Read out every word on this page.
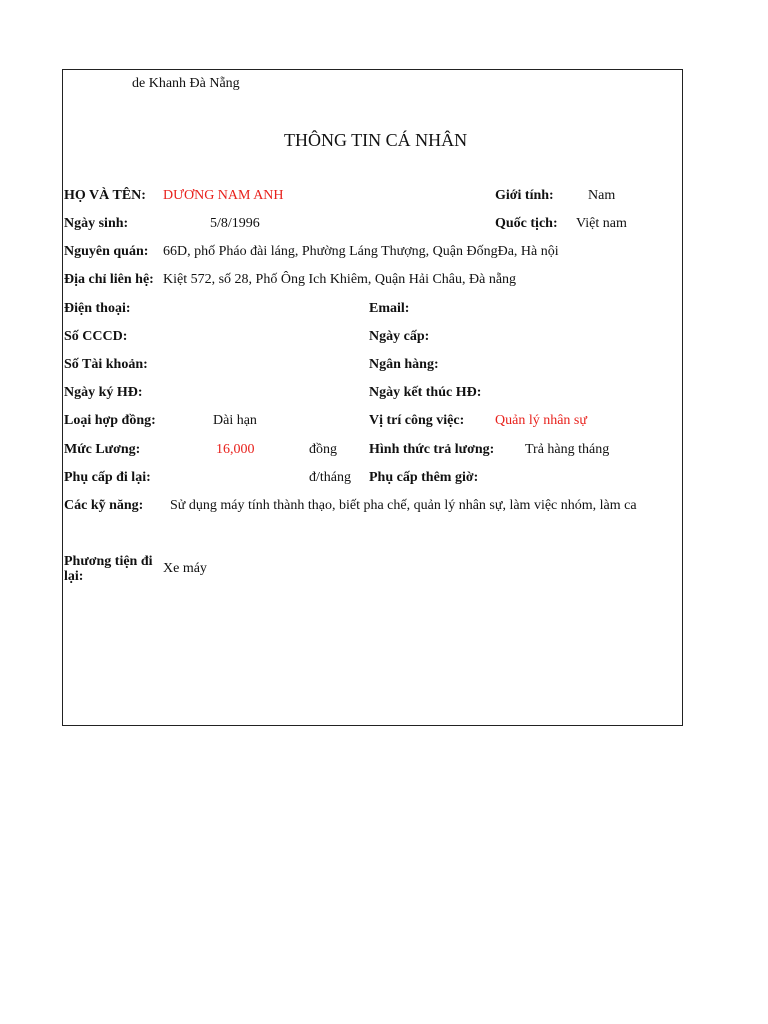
de Khanh Đà Nẵng
THÔNG TIN CÁ NHÂN
HỌ VÀ TÊN: DƯƠNG NAM ANH	Giới tính: Nam
Ngày sinh:	5/8/1996	Quốc tịch: Việt nam
Nguyên quán: 66D, phố Pháo đài láng, Phường Láng Thượng, Quận ĐốngĐa, Hà nội
Địa chỉ liên hệ: Kiệt 572, số 28, Phố Ông Ich Khiêm, Quận Hải Châu, Đà nẵng
Điện thoại:	Email:
Số CCCD:	Ngày cấp:
Số Tài khoản:	Ngân hàng:
Ngày ký HĐ:	Ngày kết thúc HĐ:
Loại hợp đồng:	Dài hạn	Vị trí công việc: Quản lý nhân sự
Mức Lương:	16,000	đồng Hình thức trả lương: Trả hàng tháng
Phụ cấp đi lại:	đ/tháng Phụ cấp thêm giờ:
Các kỹ năng: Sử dụng máy tính thành thạo, biết pha chế, quản lý nhân sự, làm việc nhóm, làm ca
Phương tiện đi lại:
Xe máy
